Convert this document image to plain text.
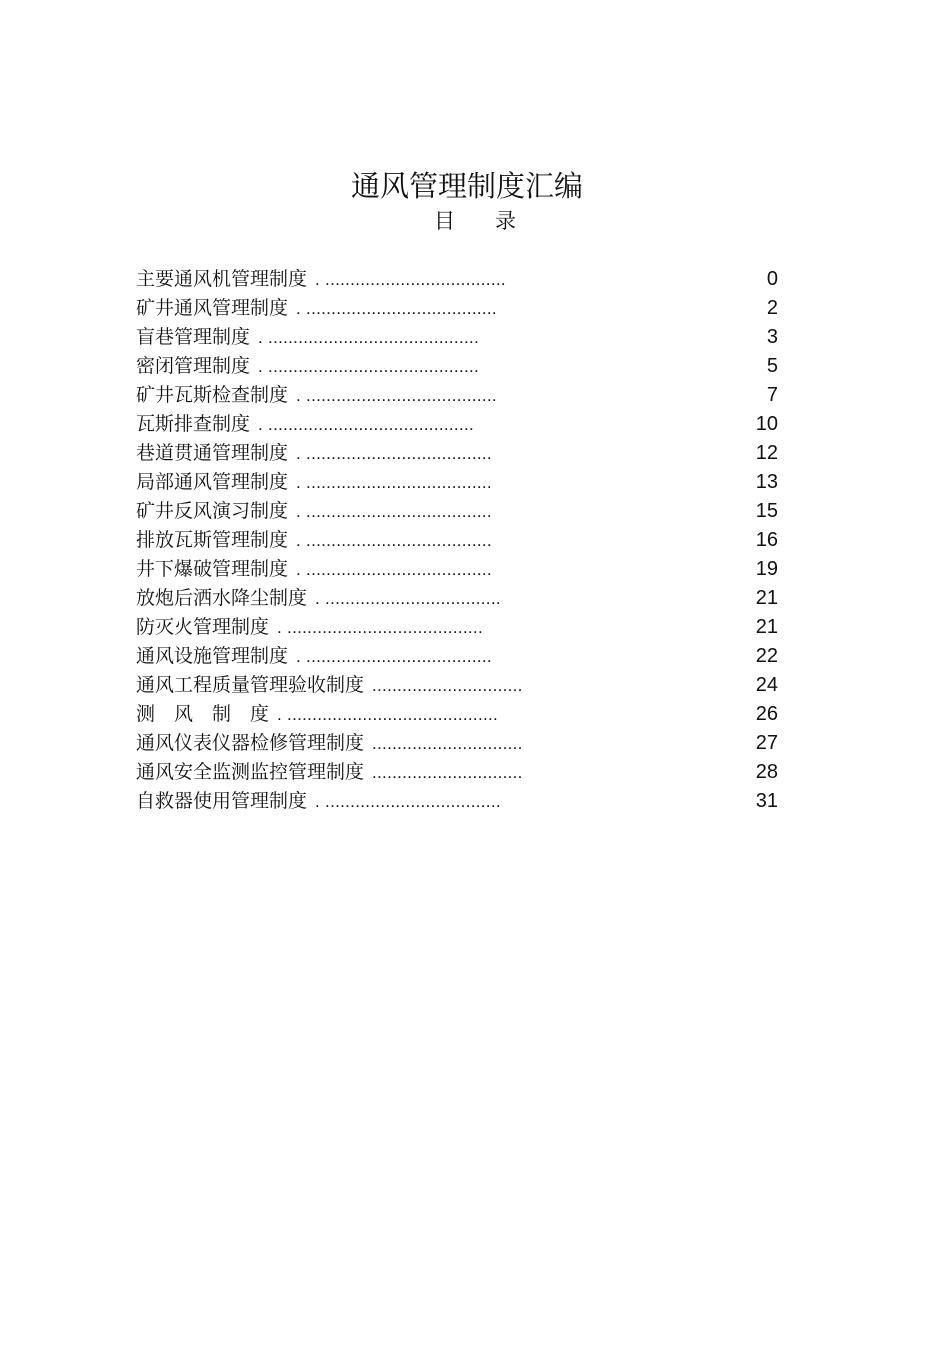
通风管理制度汇编
目 录
主要通风机管理制度. ....................................	0
矿井通风管理制度. ......................................	2
盲巷管理制度. ..........................................	3
密闭管理制度. ..........................................	5
矿井瓦斯检查制度. ......................................	7
瓦斯排查制度. .........................................	10
巷道贯通管理制度. .....................................	12
局部通风管理制度. .....................................	13
矿井反风演习制度. .....................................	15
排放瓦斯管理制度. .....................................	16
井下爆破管理制度. .....................................	19
放炮后洒水降尘制度. ...................................	21
防灭火管理制度. .......................................	21
通风设施管理制度. .....................................	22
通风工程质量管理验收制度..............................	24
测　风　制　度 . ..........................................	26
通风仪表仪器检修管理制度..............................	27
通风安全监测监控管理制度..............................	28
自救器使用管理制度. ...................................	31
